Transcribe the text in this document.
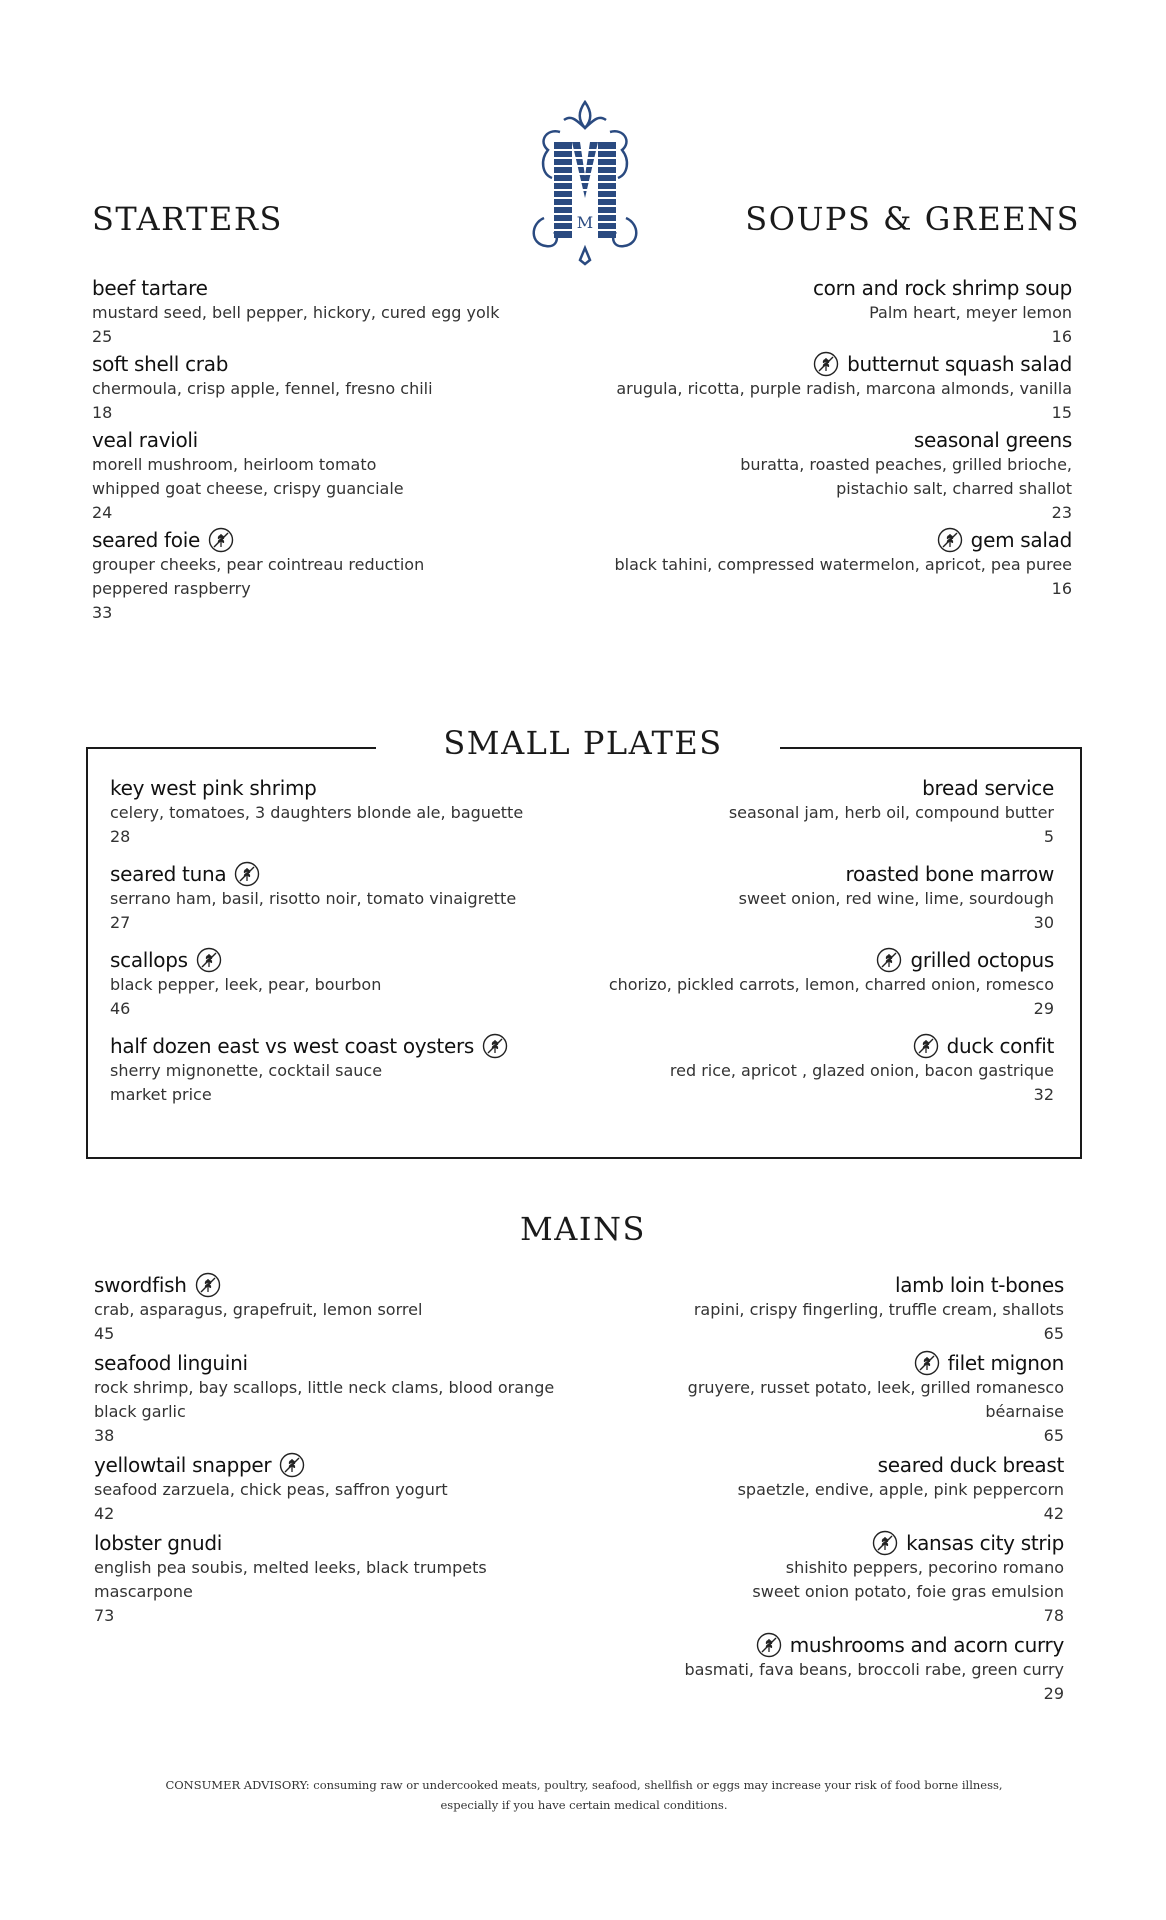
M
STARTERS	SOUPS & GREENS
beef tartare
mustard seed, bell pepper, hickory, cured egg yolk
25
soft shell crab
chermoula, crisp apple, fennel, fresno chili
18
veal ravioli
morell mushroom, heirloom tomato
whipped goat cheese, crispy guanciale
24
seared foie
grouper cheeks, pear cointreau reduction
peppered raspberry
33
corn and rock shrimp soup
Palm heart, meyer lemon
16
butternut squash salad
arugula, ricotta, purple radish, marcona almonds, vanilla
15
seasonal greens
buratta, roasted peaches, grilled brioche,
pistachio salt, charred shallot
23
gem salad
black tahini, compressed watermelon, apricot, pea puree
16
SMALL PLATES
key west pink shrimp
celery, tomatoes, 3 daughters blonde ale, baguette
28
seared tuna
serrano ham, basil, risotto noir, tomato vinaigrette
27
scallops
black pepper, leek, pear, bourbon
46
half dozen east vs west coast oysters
sherry mignonette, cocktail sauce
market price
bread service
seasonal jam, herb oil, compound butter
5
roasted bone marrow
sweet onion, red wine, lime, sourdough
30
grilled octopus
chorizo, pickled carrots, lemon, charred onion, romesco
29
duck confit
red rice, apricot , glazed onion, bacon gastrique
32
MAINS
swordfish
crab, asparagus, grapefruit, lemon sorrel
45
seafood linguini
rock shrimp, bay scallops, little neck clams, blood orange
black garlic
38
yellowtail snapper
seafood zarzuela, chick peas, saffron yogurt
42
lobster gnudi
english pea soubis, melted leeks, black trumpets
mascarpone
73
lamb loin t-bones
rapini, crispy fingerling, truffle cream, shallots
65
filet mignon
gruyere, russet potato, leek, grilled romanesco
béarnaise
65
seared duck breast
spaetzle, endive, apple, pink peppercorn
42
kansas city strip
shishito peppers, pecorino romano
sweet onion potato, foie gras emulsion
78
mushrooms and acorn curry
basmati, fava beans, broccoli rabe, green curry
29
CONSUMER ADVISORY: consuming raw or undercooked meats, poultry, seafood, shellfish or eggs may increase your risk of food borne illness,
especially if you have certain medical conditions.
